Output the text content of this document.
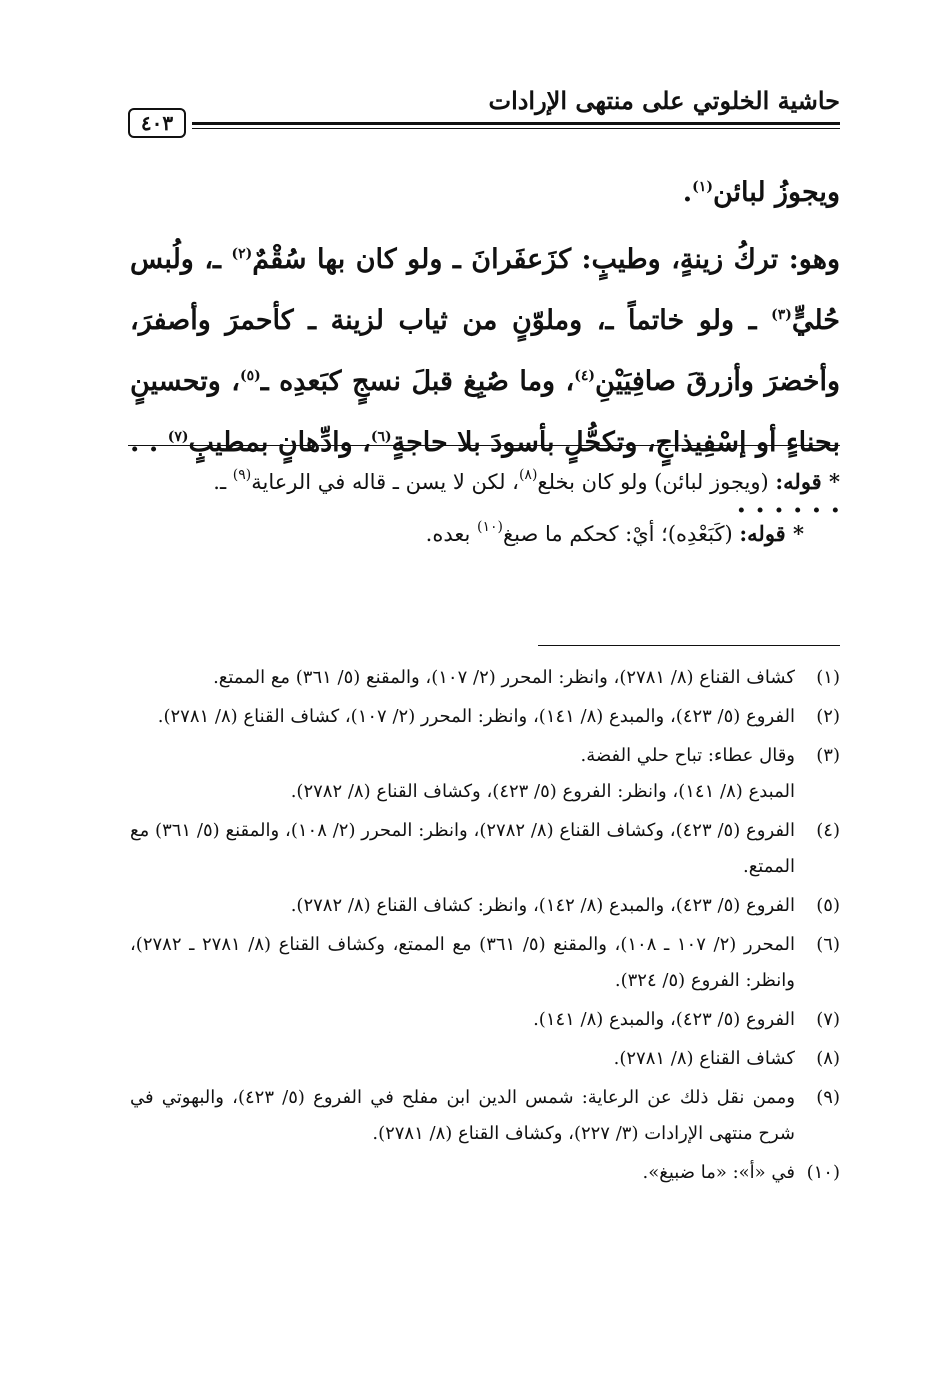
حاشية الخلوتي على منتهى الإرادات
٤٠٣

ويجوزُ لبائن$^{(١)}$.

وهو: تركُ زينةٍ، وطيبٍ: كزَعفَرانَ ـ ولو كان بها سُقْمٌ$^{(٢)}$ ـ، ولُبس حُليٍّ$^{(٣)}$ ـ ولو خاتماً ـ، وملوّنٍ من ثياب لزينة ـ كأحمرَ وأصفرَ، وأخضرَ وأزرقَ صافِيَيْنِ$^{(٤)}$، وما صُبِغ قبلَ نسجٍ كبَعدِه ـ$^{(٥)}$، وتحسينٍ بحناءٍ أو إسْفِيذاجٍ، وتكحُّلٍ بأسودَ بلا حاجةٍ$^{(٦)}$، وادِّهانٍ بمطيبٍ$^{(٧)}$ . . . . . . . .

* قوله: (ويجوز لبائن) ولو كان بخلع$^{(٨)}$، لكن لا يسن ـ قاله في الرعاية$^{(٩)}$ ـ.

* قوله: (كَبَعْدِه)؛ أيْ: كحكم ما صبغ$^{(١٠)}$ بعده.

(١)
كشاف القناع (٨/ ٢٧٨١)، وانظر: المحرر (٢/ ١٠٧)، والمقنع (٥/ ٣٦١) مع الممتع.
(٢)
الفروع (٥/ ٤٢٣)، والمبدع (٨/ ١٤١)، وانظر: المحرر (٢/ ١٠٧)، كشاف القناع (٨/ ٢٧٨١).
(٣)
وقال عطاء: تباح حلي الفضة.
المبدع (٨/ ١٤١)، وانظر: الفروع (٥/ ٤٢٣)، وكشاف القناع (٨/ ٢٧٨٢).
(٤)
الفروع (٥/ ٤٢٣)، وكشاف القناع (٨/ ٢٧٨٢)، وانظر: المحرر (٢/ ١٠٨)، والمقنع (٥/ ٣٦١) مع الممتع.
(٥)
الفروع (٥/ ٤٢٣)، والمبدع (٨/ ١٤٢)، وانظر: كشاف القناع (٨/ ٢٧٨٢).
(٦)
المحرر (٢/ ١٠٧ ـ ١٠٨)، والمقنع (٥/ ٣٦١) مع الممتع، وكشاف القناع (٨/ ٢٧٨١ ـ ٢٧٨٢)، وانظر: الفروع (٥/ ٣٢٤).
(٧)
الفروع (٥/ ٤٢٣)، والمبدع (٨/ ١٤١).
(٨)
كشاف القناع (٨/ ٢٧٨١).
(٩)
وممن نقل ذلك عن الرعاية: شمس الدين ابن مفلح في الفروع (٥/ ٤٢٣)، والبهوتي في شرح منتهى الإرادات (٣/ ٢٢٧)، وكشاف القناع (٨/ ٢٧٨١).
(١٠)
في «أ»: «ما ضبيغ».
